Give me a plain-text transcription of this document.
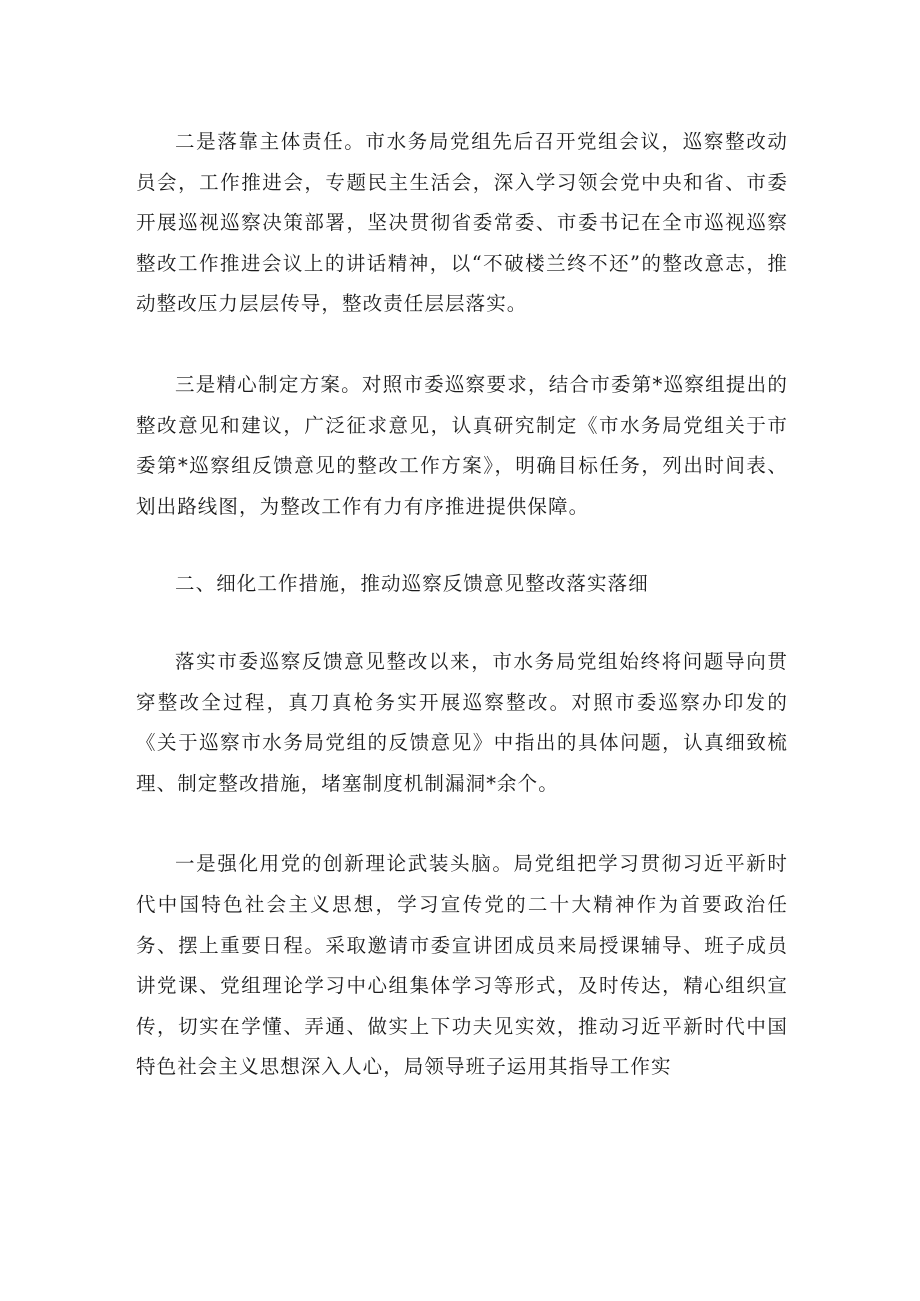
二是落靠主体责任。市水务局党组先后召开党组会议，巡察整改动员会，工作推进会，专题民主生活会，深入学习领会党中央和省、市委开展巡视巡察决策部署，坚决贯彻省委常委、市委书记在全市巡视巡察整改工作推进会议上的讲话精神，以“不破楼兰终不还”的整改意志，推动整改压力层层传导，整改责任层层落实。

三是精心制定方案。对照市委巡察要求，结合市委第*巡察组提出的整改意见和建议，广泛征求意见，认真研究制定《市水务局党组关于市委第*巡察组反馈意见的整改工作方案》，明确目标任务，列出时间表、划出路线图，为整改工作有力有序推进提供保障。

二、细化工作措施，推动巡察反馈意见整改落实落细

落实市委巡察反馈意见整改以来，市水务局党组始终将问题导向贯穿整改全过程，真刀真枪务实开展巡察整改。对照市委巡察办印发的《关于巡察市水务局党组的反馈意见》中指出的具体问题，认真细致梳理、制定整改措施，堵塞制度机制漏洞*余个。

一是强化用党的创新理论武装头脑。局党组把学习贯彻习近平新时代中国特色社会主义思想，学习宣传党的二十大精神作为首要政治任务、摆上重要日程。采取邀请市委宣讲团成员来局授课辅导、班子成员讲党课、党组理论学习中心组集体学习等形式，及时传达，精心组织宣传，切实在学懂、弄通、做实上下功夫见实效，推动习近平新时代中国特色社会主义思想深入人心，局领导班子运用其指导工作实
